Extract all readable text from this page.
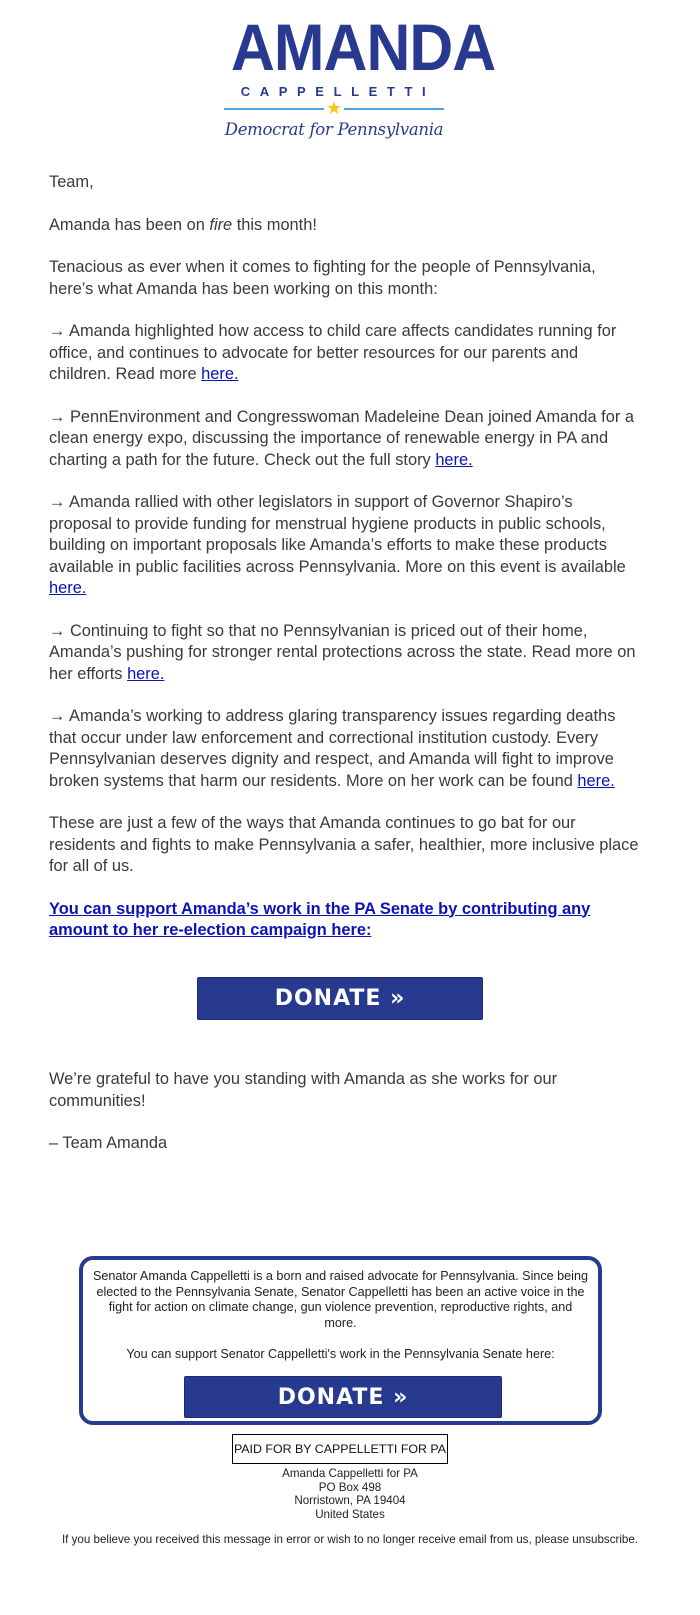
AMANDA
CAPPELLETTI
★
Democrat for Pennsylvania

Team,

Amanda has been on fire this month!

Tenacious as ever when it comes to fighting for the people of Pennsylvania, here’s what Amanda has been working on this month:

→ Amanda highlighted how access to child care affects candidates running for office, and continues to advocate for better resources for our parents and children. Read more here.

→ PennEnvironment and Congresswoman Madeleine Dean joined Amanda for a clean energy expo, discussing the importance of renewable energy in PA and charting a path for the future. Check out the full story here.

→ Amanda rallied with other legislators in support of Governor Shapiro’s proposal to provide funding for menstrual hygiene products in public schools, building on important proposals like Amanda’s efforts to make these products available in public facilities across Pennsylvania. More on this event is available here.

→ Continuing to fight so that no Pennsylvanian is priced out of their home, Amanda’s pushing for stronger rental protections across the state. Read more on her efforts here.

→ Amanda’s working to address glaring transparency issues regarding deaths that occur under law enforcement and correctional institution custody. Every Pennsylvanian deserves dignity and respect, and Amanda will fight to improve broken systems that harm our residents. More on her work can be found here.

These are just a few of the ways that Amanda continues to go bat for our residents and fights to make Pennsylvania a safer, healthier, more inclusive place for all of us.

You can support Amanda’s work in the PA Senate by contributing any amount to her re-election campaign here:

DONATE »

We’re grateful to have you standing with Amanda as she works for our communities!

– Team Amanda

Senator Amanda Cappelletti is a born and raised advocate for Pennsylvania. Since being elected to the Pennsylvania Senate, Senator Cappelletti has been an active voice in the fight for action on climate change, gun violence prevention, reproductive rights, and more.
You can support Senator Cappelletti's work in the Pennsylvania Senate here:
DONATE »
PAID FOR BY CAPPELLETTI FOR PA
Amanda Cappelletti for PA
PO Box 498
Norristown, PA 19404
United States
If you believe you received this message in error or wish to no longer receive email from us, please unsubscribe.
